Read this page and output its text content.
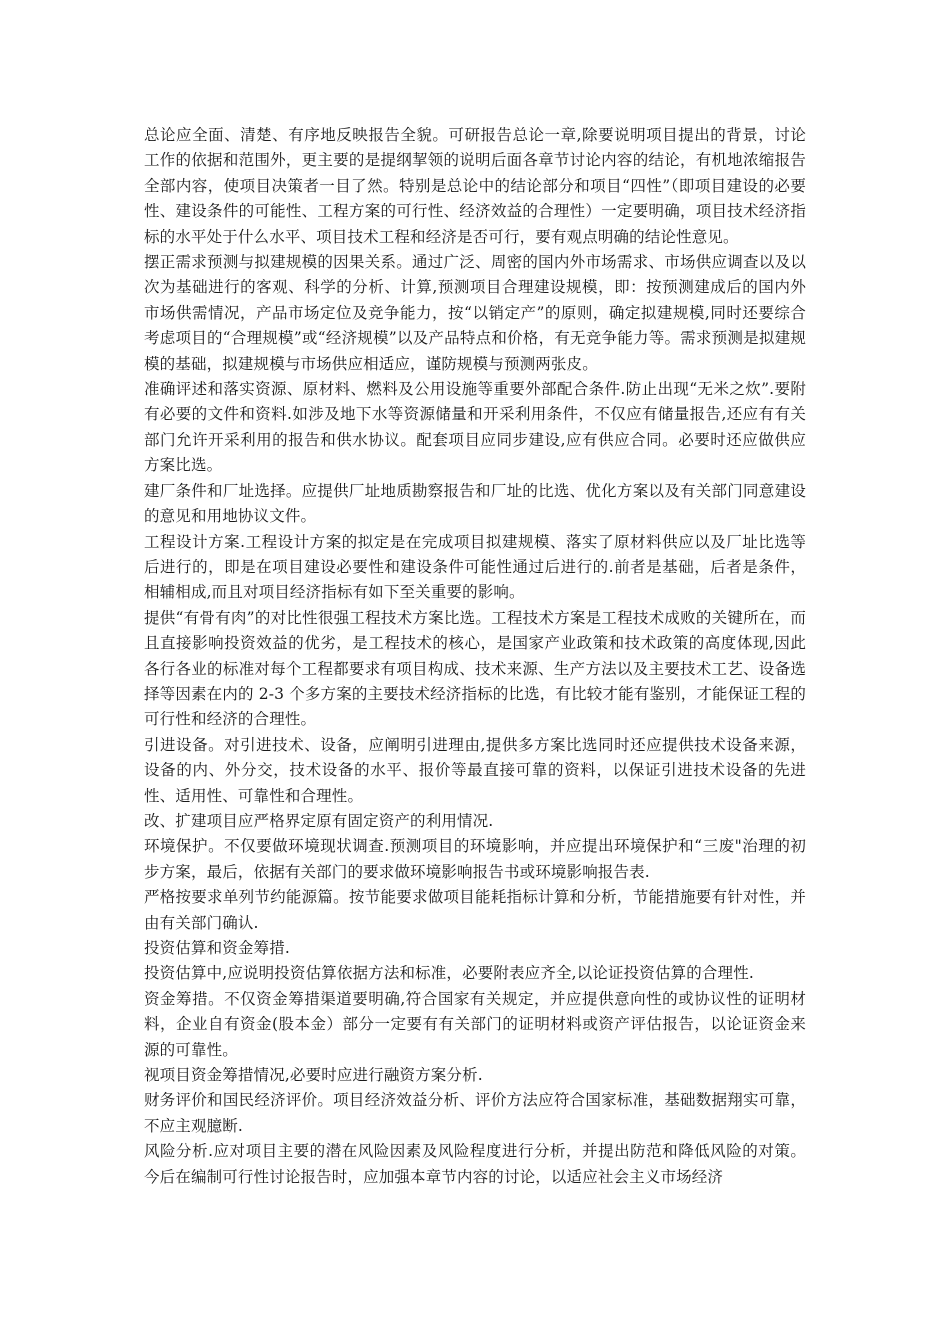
总论应全面、清楚、有序地反映报告全貌。可研报告总论一章,除要说明项目提出的背景，讨论工作的依据和范围外，更主要的是提纲挈领的说明后面各章节讨论内容的结论，有机地浓缩报告全部内容，使项目决策者一目了然。特别是总论中的结论部分和项目“四性”（即项目建设的必要性、建设条件的可能性、工程方案的可行性、经济效益的合理性）一定要明确，项目技术经济指标的水平处于什么水平、项目技术工程和经济是否可行，要有观点明确的结论性意见。

摆正需求预测与拟建规模的因果关系。通过广泛、周密的国内外市场需求、市场供应调查以及以次为基础进行的客观、科学的分析、计算,预测项目合理建设规模，即：按预测建成后的国内外市场供需情况，产品市场定位及竞争能力，按“以销定产”的原则，确定拟建规模,同时还要综合考虑项目的“合理规模”或“经济规模”以及产品特点和价格，有无竞争能力等。需求预测是拟建规模的基础，拟建规模与市场供应相适应，谨防规模与预测两张皮。

准确评述和落实资源、原材料、燃料及公用设施等重要外部配合条件.防止出现“无米之炊”.要附有必要的文件和资料.如涉及地下水等资源储量和开采利用条件，不仅应有储量报告,还应有有关部门允许开采利用的报告和供水协议。配套项目应同步建设,应有供应合同。必要时还应做供应方案比选。

建厂条件和厂址选择。应提供厂址地质勘察报告和厂址的比选、优化方案以及有关部门同意建设的意见和用地协议文件。

工程设计方案.工程设计方案的拟定是在完成项目拟建规模、落实了原材料供应以及厂址比选等后进行的，即是在项目建设必要性和建设条件可能性通过后进行的.前者是基础，后者是条件，相辅相成,而且对项目经济指标有如下至关重要的影响。

提供“有骨有肉”的对比性很强工程技术方案比选。工程技术方案是工程技术成败的关键所在，而且直接影响投资效益的优劣，是工程技术的核心，是国家产业政策和技术政策的高度体现,因此各行各业的标准对每个工程都要求有项目构成、技术来源、生产方法以及主要技术工艺、设备选择等因素在内的 2-3 个多方案的主要技术经济指标的比选，有比较才能有鉴别，才能保证工程的可行性和经济的合理性。

引进设备。对引进技术、设备，应阐明引进理由,提供多方案比选同时还应提供技术设备来源，设备的内、外分交，技术设备的水平、报价等最直接可靠的资料，以保证引进技术设备的先进性、适用性、可靠性和合理性。

改、扩建项目应严格界定原有固定资产的利用情况.

环境保护。不仅要做环境现状调查.预测项目的环境影响，并应提出环境保护和“三废"治理的初步方案，最后，依据有关部门的要求做环境影响报告书或环境影响报告表.

严格按要求单列节约能源篇。按节能要求做项目能耗指标计算和分析，节能措施要有针对性，并由有关部门确认.

投资估算和资金筹措.

投资估算中,应说明投资估算依据方法和标准，必要附表应齐全,以论证投资估算的合理性.

资金筹措。不仅资金筹措渠道要明确,符合国家有关规定，并应提供意向性的或协议性的证明材料，企业自有资金(股本金）部分一定要有有关部门的证明材料或资产评估报告，以论证资金来源的可靠性。

视项目资金筹措情况,必要时应进行融资方案分析.

财务评价和国民经济评价。项目经济效益分析、评价方法应符合国家标准，基础数据翔实可靠，不应主观臆断.

风险分析.应对项目主要的潜在风险因素及风险程度进行分析，并提出防范和降低风险的对策。今后在编制可行性讨论报告时，应加强本章节内容的讨论，以适应社会主义市场经济
